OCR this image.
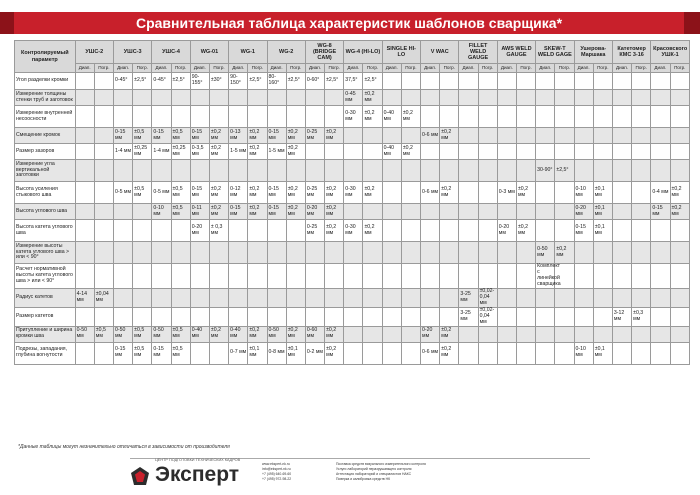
Сравнительная таблица характеристик шаблонов сварщика*
Контролируемый параметр	УШС-2		УШС-3		УШС-4		WG-01		WG-1		WG-2		WG-8 (BRIDGE CAM)		WG-4 (HI-LO)		SINGLE HI-LO		V WAC		FILLET WELD GAUGE		AWS WELD GAUGE		SKEW-T WELD GAGE		Ушерова-Маршака		Катетомер КМС 3-16		Красовского УШК-1	
	Диап.	Погр.	Диап.	Погр.	Диап.	Погр.	Диап.	Погр.	Диап.	Погр.	Диап.	Погр.	Диап.	Погр.	Диап.	Погр.	Диап.	Погр.	Диап.	Погр.	Диап.	Погр.	Диап.	Погр.	Диап.	Погр.	Диап.	Погр.	Диап.	Погр.	Диап.	Погр.
Угол разделки кромки			0-45°	±2,5°	0-45°	±2,5°	90-155°	±30°	90-150°	±2,5°	80-160°	±2,5°	0-60°	±2,5°	37,5°	±2,5°																
Измерение толщины стенки труб и заготовок															0-45 мм	±0,2 мм																
Измерение внутренней несоосности															0-30 мм	±0,2 мм	0-40 мм	±0,2 мм														
Смещение кромок			0-15 мм	±0,5 мм	0-15 мм	±0,5 мм	0-15 мм	±0,2 мм	0-13 мм	±0,2 мм	0-15 мм	±0,2 мм	0-25 мм	±0,2 мм					0-6 мм	±0,2 мм												
Размер зазоров			1-4 мм	±0,25 мм	1-4 мм	±0,25 мм	0-3,5 мм	±0,2 мм	1-5 мм	±0,2 мм	1-5 мм	±0,2 мм					0-40 мм	±0,2 мм														
Измерение угла вертикальной заготовки																									30-90°	±2,5°						
Высота усиления стыкового шва			0-5 мм	±0,5 мм	0-5 мм	±0,5 мм	0-15 мм	±0,2 мм	0-12 мм	±0,2 мм	0-15 мм	±0,2 мм	0-25 мм	±0,2 мм	0-30 мм	±0,2 мм			0-6 мм	±0,2 мм			0-3 мм	±0,2 мм			0-10 мм	±0,1 мм			0-4 мм	±0,2 мм
Высота углового шва					0-10 мм	±0,5 мм	0-11 мм	±0,2 мм	0-15 мм	±0,2 мм	0-15 мм	±0,2 мм	0-20 мм	±0,2 мм													0-20 мм	±0,1 мм			0-15 мм	±0,2 мм
Высота катета углового шва							0-20 мм	± 0,3 мм					0-25 мм	±0,2 мм	0-30 мм	±0,2 мм							0-20 мм	±0,2 мм			0-15 мм	±0,1 мм				
Измерение высоты катета углового шва > или < 90°																									0-50 мм	±0,2 мм						
Расчет нормативной высоты катета углового шва > или < 90°																									Комплект с линейкой сварщика							
Радиус катетов	4-14 мм	±0,04 мм																			3-25 мм	±0,02-0,04 мм										
Размер катетов																					3-25 мм	±0,02-0,04 мм							3-12 мм	±0,3 мм		
Притупление и ширина кромки шва	0-50 мм	±0,5 мм	0-50 мм	±0,5 мм	0-50 мм	±0,5 мм	0-40 мм	±0,2 мм	0-40 мм	±0,2 мм	0-50 мм	±0,2 мм	0-60 мм	±0,2 мм					0-20 мм	±0,2 мм												
Подрезы, западания, глубина вогнутости			0-15 мм	±0,5 мм	0-15 мм	±0,5 мм			0-7 мм	±0,1 мм	0-8 мм	±0,1 мм	0-2 мм	±0,2 мм					0-6 мм	±0,2 мм							0-10 мм	±0,1 мм				
*Данные таблицы могут незначительно отличаться в зависимости от производителя
ЦЕНТР ПОДГОТОВКИ ТЕХНИЧЕСКИХ КАДРОВ
Эксперт	www.ekspert-nk.ru
info@ekspert-nk.ru
+7 (495) 640-69-60
+7 (495) 972-98-22
Поставка средств визуального измерительного контроля
Услуги лабораторий неразрушающего контроля
Аттестация лабораторий и специалистов НАКС
Поверка и калибровка средств НК
